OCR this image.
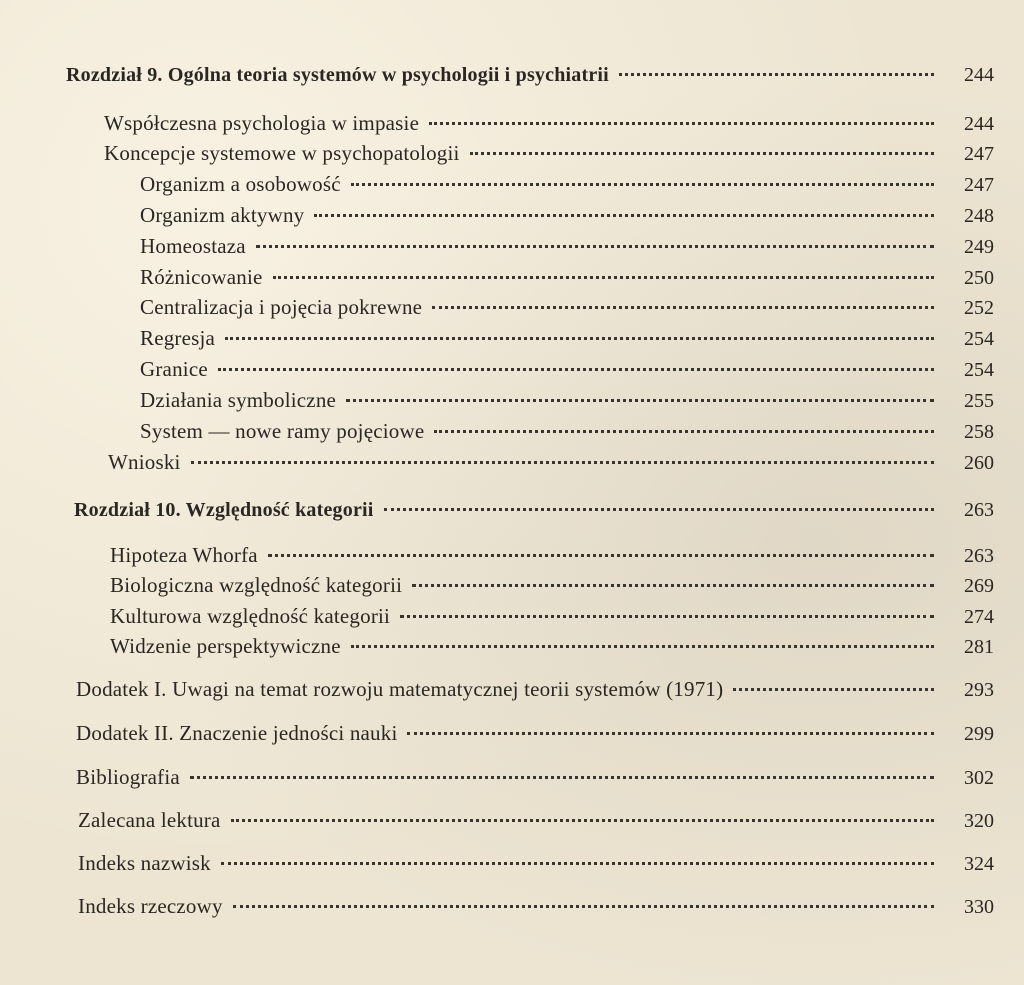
Rozdział 9. Ogólna teoria systemów w psychologii i psychiatrii	244
Współczesna psychologia w impasie	244
Koncepcje systemowe w psychopatologii	247
Organizm a osobowość	247
Organizm aktywny	248
Homeostaza	249
Różnicowanie	250
Centralizacja i pojęcia pokrewne	252
Regresja	254
Granice	254
Działania symboliczne	255
System — nowe ramy pojęciowe	258
Wnioski	260
Rozdział 10. Względność kategorii	263
Hipoteza Whorfa	263
Biologiczna względność kategorii	269
Kulturowa względność kategorii	274
Widzenie perspektywiczne	281
Dodatek I. Uwagi na temat rozwoju matematycznej teorii systemów (1971)	293
Dodatek II. Znaczenie jedności nauki	299
Bibliografia	302
Zalecana lektura	320
Indeks nazwisk	324
Indeks rzeczowy	330
